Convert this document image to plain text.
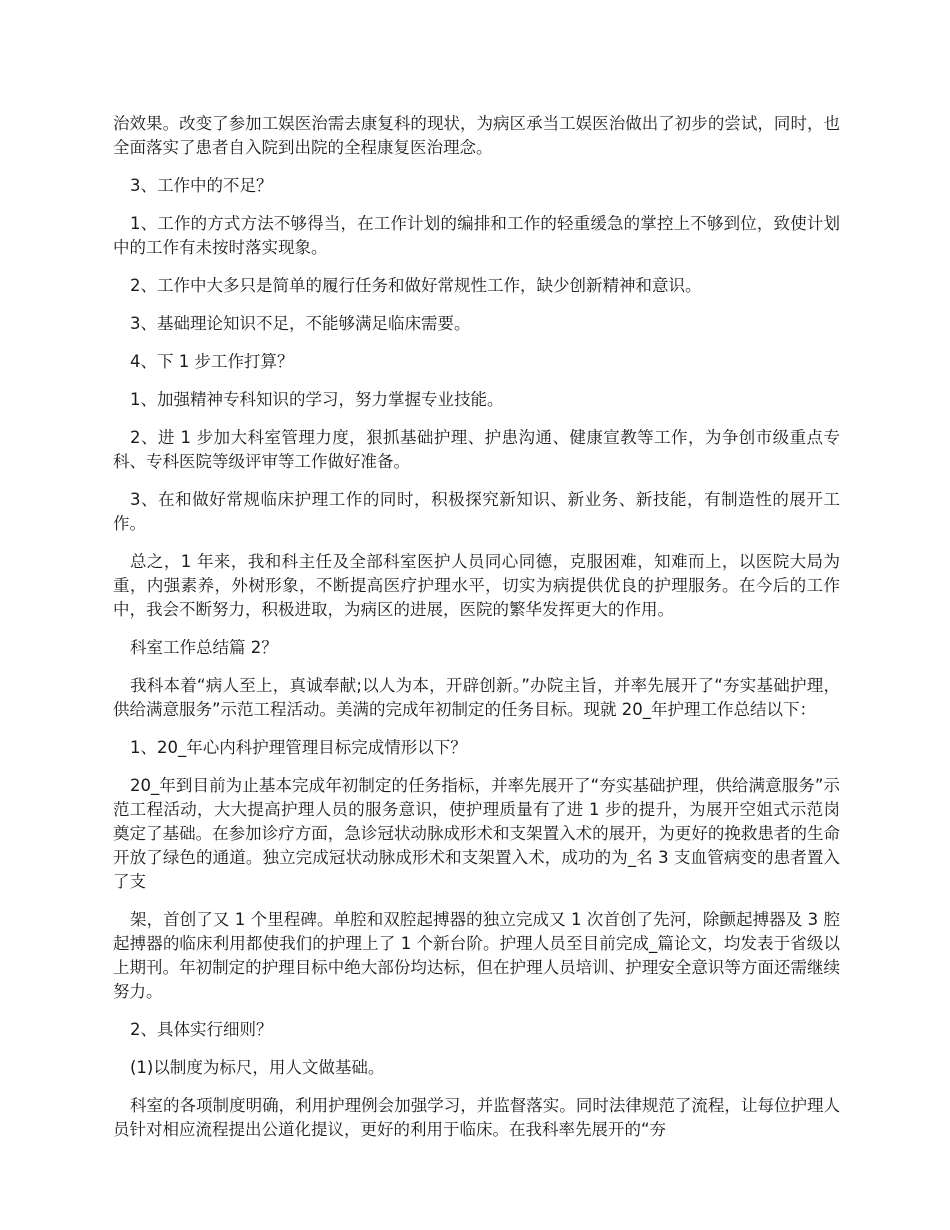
治效果。改变了参加工娱医治需去康复科的现状，为病区承当工娱医治做出了初步的尝试，同时，也全面落实了患者自入院到出院的全程康复医治理念。

3、工作中的不足？

1、工作的方式方法不够得当，在工作计划的编排和工作的轻重缓急的掌控上不够到位，致使计划中的工作有未按时落实现象。

2、工作中大多只是简单的履行任务和做好常规性工作，缺少创新精神和意识。

3、基础理论知识不足，不能够满足临床需要。

4、下 1 步工作打算？

1、加强精神专科知识的学习，努力掌握专业技能。

2、进 1 步加大科室管理力度，狠抓基础护理、护患沟通、健康宣教等工作，为争创市级重点专科、专科医院等级评审等工作做好准备。

3、在和做好常规临床护理工作的同时，积极探究新知识、新业务、新技能，有制造性的展开工作。

总之，1 年来，我和科主任及全部科室医护人员同心同德，克服困难，知难而上，以医院大局为重，内强素养，外树形象，不断提高医疗护理水平，切实为病提供优良的护理服务。在今后的工作中，我会不断努力，积极进取，为病区的进展，医院的繁华发挥更大的作用。

科室工作总结篇 2？

我科本着“病人至上，真诚奉献;以人为本，开辟创新。”办院主旨，并率先展开了“夯实基础护理，供给满意服务”示范工程活动。美满的完成年初制定的任务目标。现就 20_年护理工作总结以下：

1、20_年心内科护理管理目标完成情形以下？

20_年到目前为止基本完成年初制定的任务指标，并率先展开了“夯实基础护理，供给满意服务”示范工程活动，大大提高护理人员的服务意识，使护理质量有了进 1 步的提升，为展开空姐式示范岗奠定了基础。在参加诊疗方面，急诊冠状动脉成形术和支架置入术的展开，为更好的挽救患者的生命开放了绿色的通道。独立完成冠状动脉成形术和支架置入术，成功的为_名 3 支血管病变的患者置入了支

架，首创了又 1 个里程碑。单腔和双腔起搏器的独立完成又 1 次首创了先河，除颤起搏器及 3 腔起搏器的临床利用都使我们的护理上了 1 个新台阶。护理人员至目前完成_篇论文，均发表于省级以上期刊。年初制定的护理目标中绝大部份均达标，但在护理人员培训、护理安全意识等方面还需继续努力。

2、具体实行细则？

(1)以制度为标尺，用人文做基础。

科室的各项制度明确，利用护理例会加强学习，并监督落实。同时法律规范了流程，让每位护理人员针对相应流程提出公道化提议，更好的利用于临床。在我科率先展开的“夯
